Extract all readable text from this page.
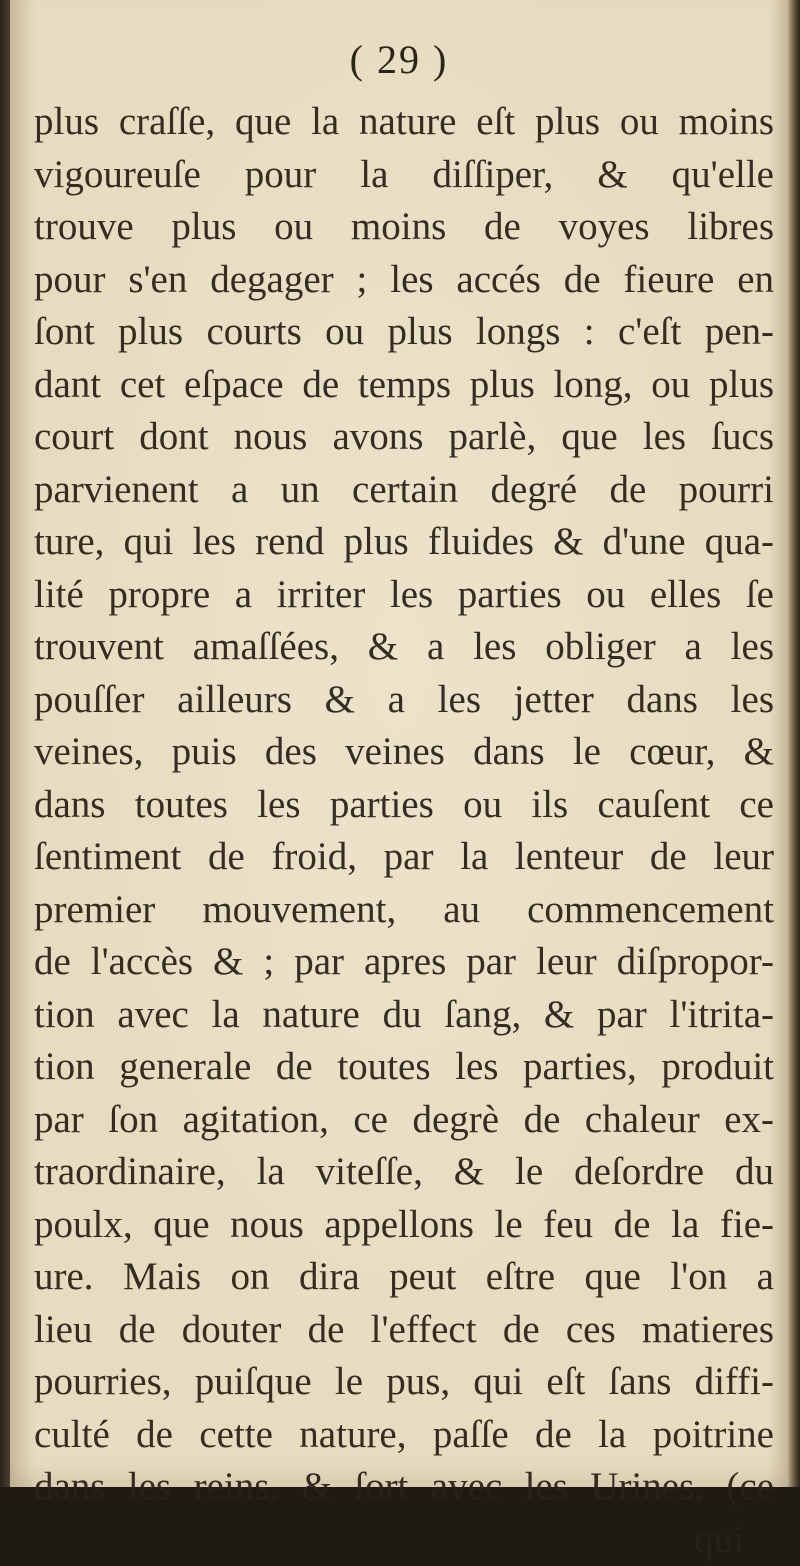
( 29 )
plus craſſe, que la nature eſt plus ou moins
vigoureuſe pour la diſſiper, & qu'elle
trouve plus ou moins de voyes libres
pour s'en degager ; les accés de fieure en
ſont plus courts ou plus longs : c'eſt pen-
dant cet eſpace de temps plus long, ou plus
court dont nous avons parlè, que les ſucs
parvienent a un certain degré de pourri
ture, qui les rend plus fluides & d'une qua-
lité propre a irriter les parties ou elles ſe
trouvent amaſſées, & a les obliger a les
pouſſer ailleurs & a les jetter dans les
veines, puis des veines dans le cœur, &
dans toutes les parties ou ils cauſent ce
ſentiment de froid, par la lenteur de leur
premier mouvement, au commencement
de l'accès & ; par apres par leur diſpropor-
tion avec la nature du ſang, & par l'itrita-
tion generale de toutes les parties, produit
par ſon agitation, ce degrè de chaleur ex-
traordinaire, la viteſſe, & le deſordre du
poulx, que nous appellons le feu de la fie-
ure. Mais on dira peut eſtre que l'on a
lieu de douter de l'effect de ces matieres
pourries, puiſque le pus, qui eſt ſans diffi-
culté de cette nature, paſſe de la poitrine
dans les reins, & ſort avec les Urines, (ce
qui
